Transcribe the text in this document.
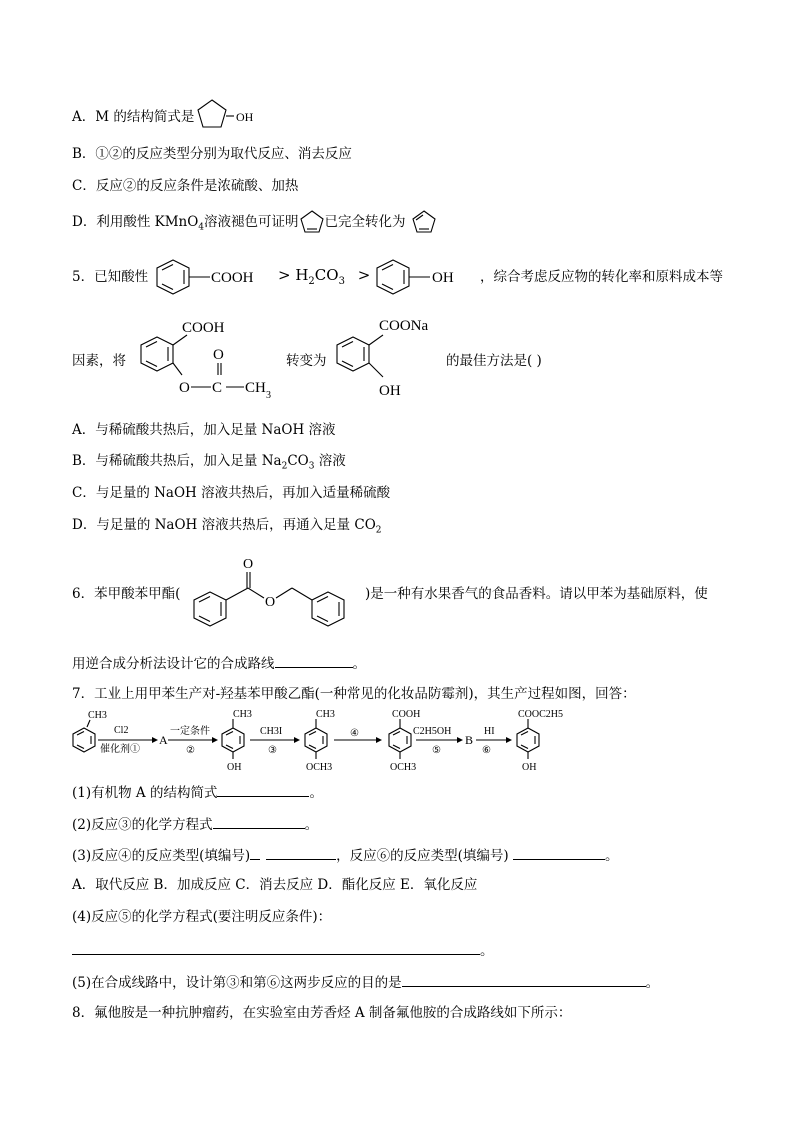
A．M 的结构简式是	OH
B．①②的反应类型分别为取代反应、消去反应
C．反应②的反应条件是浓硫酸、加热
D．利用酸性 KMnO$_4$溶液褪色可证明 已完全转化为
5．已知酸性	COOH > $H_2CO_3$ >	OH ，综合考虑反应物的转化率和原料成本等
因素，将
COOH
O C
O
CH 3
转变为
COONa
OH
的最佳方法是( )
A．与稀硫酸共热后，加入足量 NaOH 溶液
B．与稀硫酸共热后，加入足量 $Na_2CO_3$ 溶液
C．与足量的 NaOH 溶液共热后，再加入适量稀硫酸
D．与足量的 NaOH 溶液共热后，再通入足量 $CO_2$
6．苯甲酸苯甲酯(
O
O
)是一种有水果香气的食品香料。请以甲苯为基础原料，使
用逆合成分析法设计它的合成路线	。
7．工业上用甲苯生产对-羟基苯甲酸乙酯(一种常见的化妆品防霉剂)，其生产过程如图，回答：
CH3
Cl2
催化剂①
A
一定条件
②
CH3
OH
CH3I
③
CH3
OCH3
④
COOH
OCH3
C2H5OH
⑤
B
HI
⑥
COOC2H5
OH
(1)有机物 A 的结构简式	。
(2)反应③的化学方程式	。
(3)反应④的反应类型(填编号)	，反应⑥的反应类型(填编号)	。
A．取代反应 B．加成反应 C．消去反应 D．酯化反应 E．氧化反应
(4)反应⑤的化学方程式(要注明反应条件)：
。
(5)在合成线路中，设计第③和第⑥这两步反应的目的是	。
8．氟他胺是一种抗肿瘤药，在实验室由芳香烃 A 制备氟他胺的合成路线如下所示：
